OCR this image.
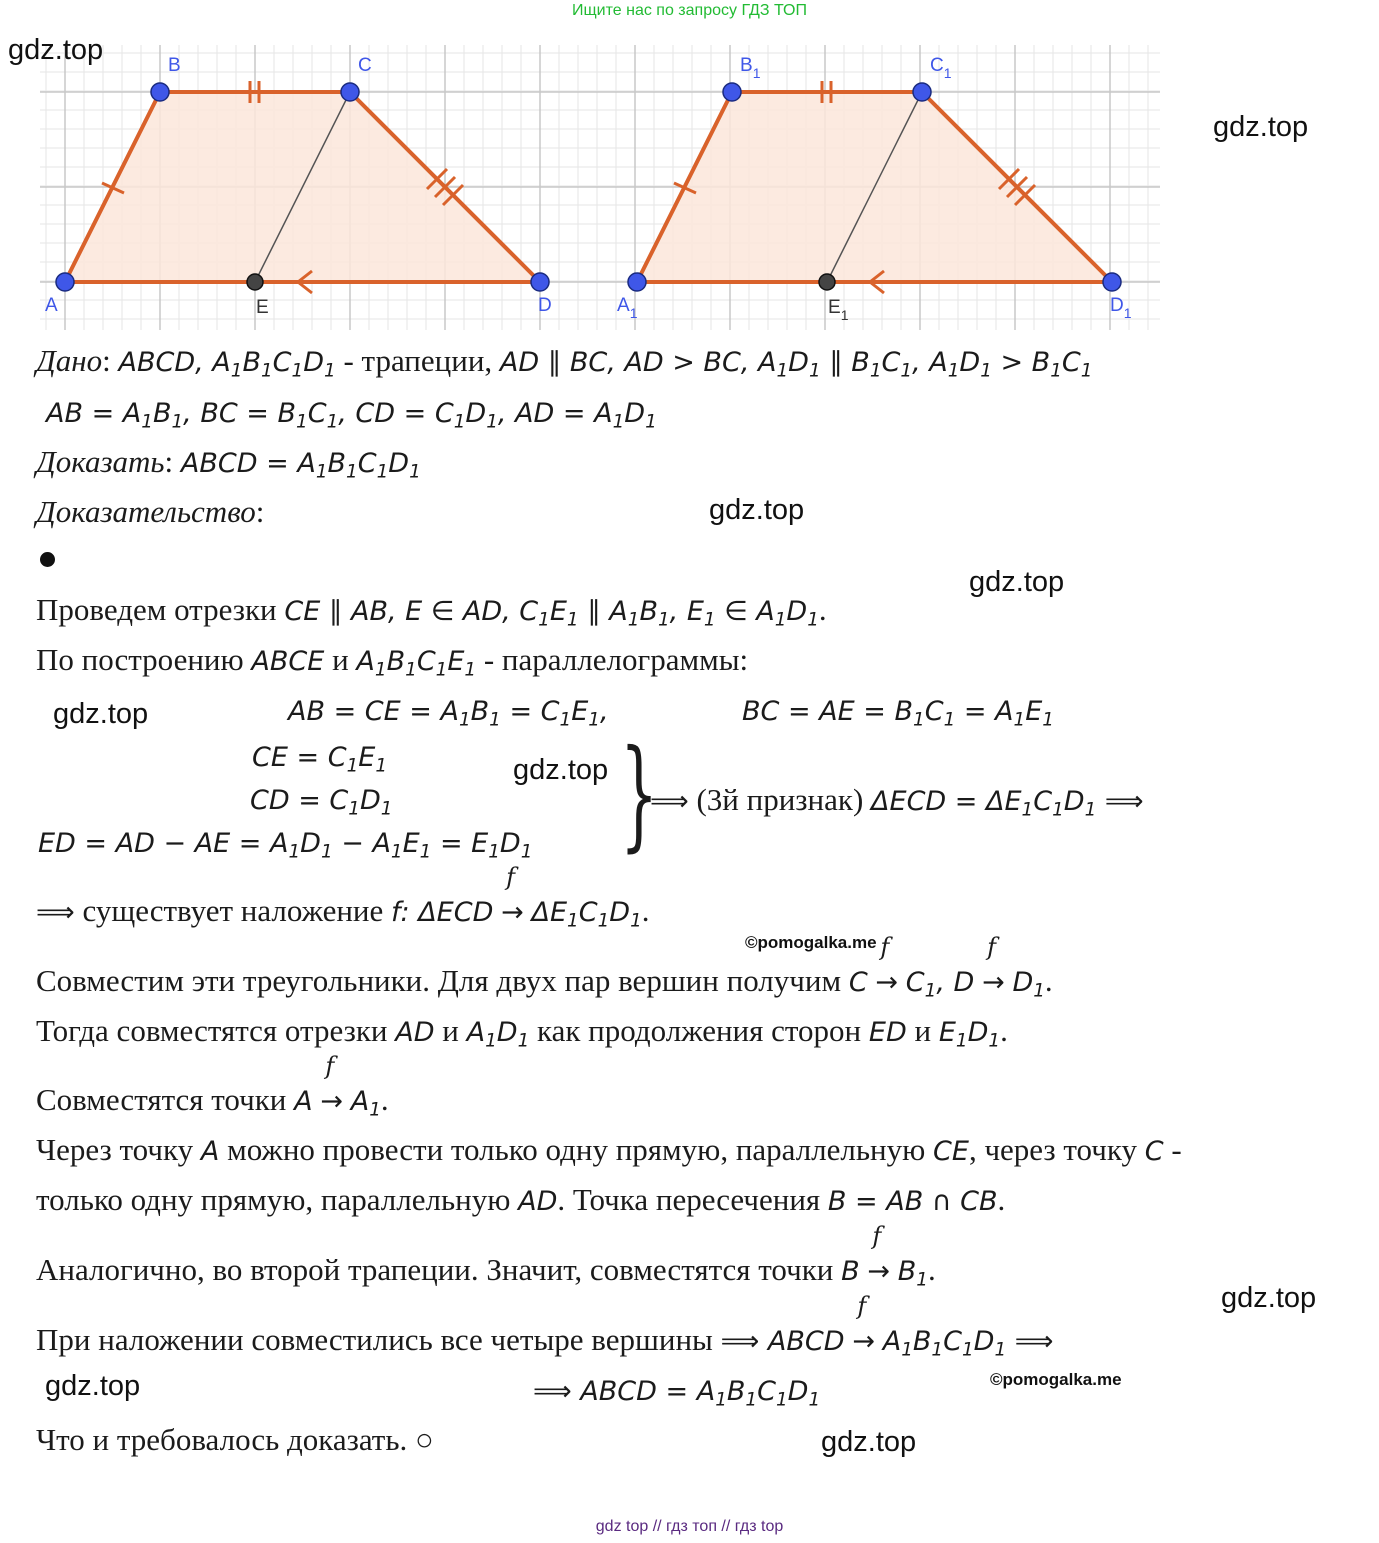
Ищите нас по запросу ГДЗ ТОП
A
B	C
D
E	$A_1$
$B_1$	$C_1$
$D_1$
$E_1$
gdz.top
gdz.top
gdz.top
gdz.top
gdz.top
gdz.top
gdz.top
gdz.top
gdz.top
©pomogalka.me
©pomogalka.me
Дано: ABCD, $A_1B_1C_1D_1$ - трапеции, AD ∥ BC, AD > BC, $A_1D_1$ ∥ $B_1C_1$, $A_1D_1 > B_1C_1$
AB = $A_1B_1$, BC = $B_1C_1$, CD = $C_1D_1$, AD = $A_1D_1$
Доказать: ABCD = $A_1B_1C_1D_1$
Доказательство:
Проведем отрезки CE ∥ AB, E ∈ AD, $C_1E_1$ ∥ $A_1B_1$, $E_1$ ∈ $A_1D_1$.
По построению ABCE и $A_1B_1C_1E_1$ - параллелограммы:
AB = CE = $A_1B_1 = C_1E_1$,	BC = AE = $B_1C_1 = A_1E_1$
CE = $C_1E_1$
CD = $C_1D_1$
ED = AD − AE = $A_1D_1 - A_1E_1 = E_1D_1$ }
⟹ (3й признак) $\Delta ECD = \Delta E_1C_1D_1$ ⟹
⟹ существует наложение f: ΔECD →
f
$\Delta E_1C_1D_1$.
Совместим эти треугольники. Для двух пар вершин получим C →
f
$C_1$, D →
f
$D_1$.
Тогда совместятся отрезки AD и $A_1D_1$ как продолжения сторон ED и $E_1D_1$.
Совместятся точки A →
f
$A_1$.
Через точку A можно провести только одну прямую, параллельную CE, через точку C -
только одну прямую, параллельную AD. Точка пересечения B = AB ∩ CB.
Аналогично, во второй трапеции. Значит, совместятся точки B →
f
$B_1$.
При наложении совместились все четыре вершины ⟹ ABCD →
f
$A_1B_1C_1D_1$ ⟹
⟹ ABCD = $A_1B_1C_1D_1$
Что и требовалось доказать. ○
gdz top // гдз топ // гдз top
